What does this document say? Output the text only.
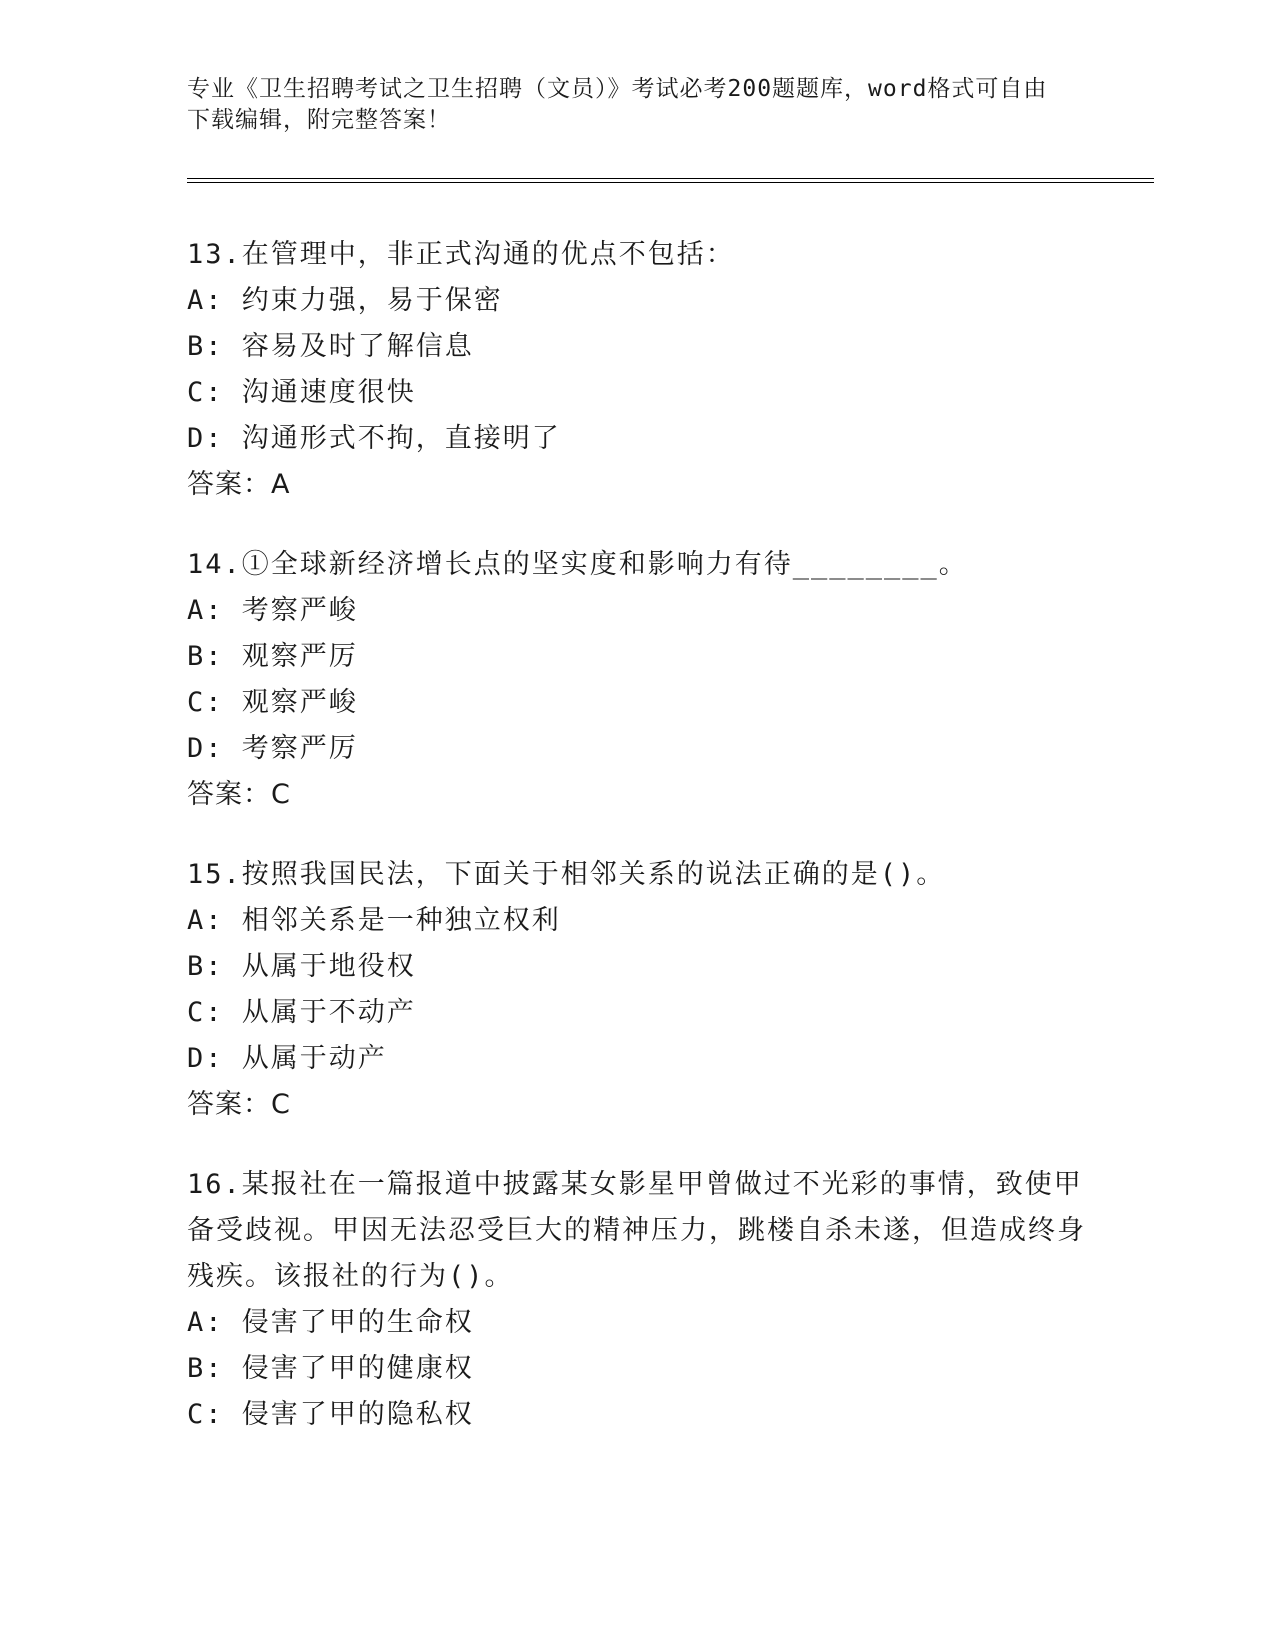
专业《卫生招聘考试之卫生招聘（文员）》考试必考200题题库，word格式可自由下载编辑，附完整答案！

13.在管理中，非正式沟通的优点不包括：

A: 约束力强，易于保密

B: 容易及时了解信息

C: 沟通速度很快

D: 沟通形式不拘，直接明了

答案：A

14.①全球新经济增长点的坚实度和影响力有待________。

A: 考察严峻

B: 观察严厉

C: 观察严峻

D: 考察严厉

答案：C

15.按照我国民法，下面关于相邻关系的说法正确的是()。

A: 相邻关系是一种独立权利

B: 从属于地役权

C: 从属于不动产

D: 从属于动产

答案：C

16.某报社在一篇报道中披露某女影星甲曾做过不光彩的事情，致使甲备受歧视。甲因无法忍受巨大的精神压力，跳楼自杀未遂，但造成终身残疾。该报社的行为()。

A: 侵害了甲的生命权

B: 侵害了甲的健康权

C: 侵害了甲的隐私权
